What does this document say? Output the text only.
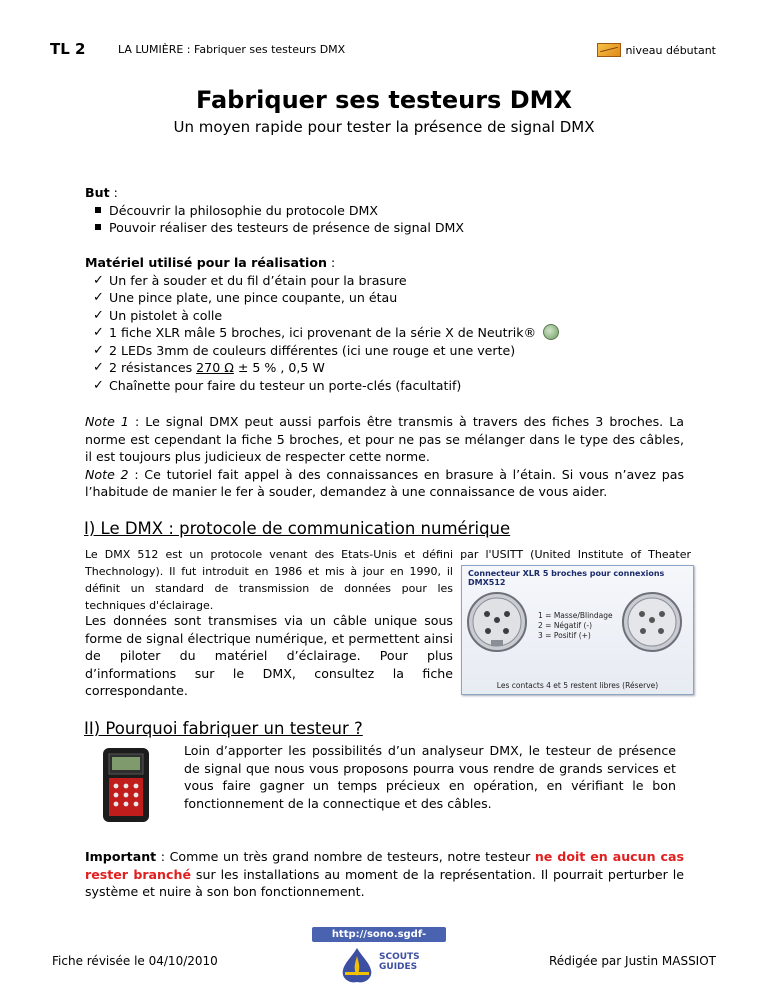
TL 2	LA LUMIÈRE : Fabriquer ses testeurs DMX	niveau débutant
Fabriquer ses testeurs DMX
Un moyen rapide pour tester la présence de signal DMX
But :
Découvrir la philosophie du protocole DMX
Pouvoir réaliser des testeurs de présence de signal DMX
Matériel utilisé pour la réalisation :
✓ Un fer à souder et du fil d’étain pour la brasure
✓ Une pince plate, une pince coupante, un étau
✓ Un pistolet à colle
✓ 1 fiche XLR mâle 5 broches, ici provenant de la série X de Neutrik®
✓ 2 LEDs 3mm de couleurs différentes (ici une rouge et une verte)
✓ 2 résistances 270 Ω ± 5 % , 0,5 W
✓ Chaînette pour faire du testeur un porte-clés (facultatif)
Note 1 : Le signal DMX peut aussi parfois être transmis à travers des fiches 3 broches. La norme est cependant la fiche 5 broches, et pour ne pas se mélanger dans le type des câbles, il est toujours plus judicieux de respecter cette norme.
Note 2 : Ce tutoriel fait appel à des connaissances en brasure à l’étain. Si vous n’avez pas l’habitude de manier le fer à souder, demandez à une connaissance de vous aider.
I) Le DMX : protocole de communication numérique
Le DMX 512 est un protocole venant des Etats-Unis et défini par l'USITT (United Institute of Theater
Thechnology). Il fut introduit en 1986 et mis à jour en 1990, il définit un standard de transmission de données pour les techniques d'éclairage.
Les données sont transmises via un câble unique sous forme de signal électrique numérique, et permettent ainsi de piloter du matériel d’éclairage. Pour plus d’informations sur le DMX, consultez la fiche correspondante.
Connecteur XLR 5 broches pour connexions DMX512
1 = Masse/Blindage
2 = Négatif (-)
3 = Positif (+)
Les contacts 4 et 5 restent libres (Réserve)
II) Pourquoi fabriquer un testeur ?
Loin d’apporter les possibilités d’un analyseur DMX, le testeur de présence de signal que nous vous proposons pourra vous rendre de grands services et vous faire gagner un temps précieux en opération, en vérifiant le bon fonctionnement de la connectique et des câbles.
Important : Comme un très grand nombre de testeurs, notre testeur ne doit en aucun cas rester branché sur les installations au moment de la représentation. Il pourrait perturber le système et nuire à son bon fonctionnement.
Fiche révisée le 04/10/2010
http://sono.sgdf-bures.org/
SCOUTS GUIDES	Rédigée par Justin MASSIOT
